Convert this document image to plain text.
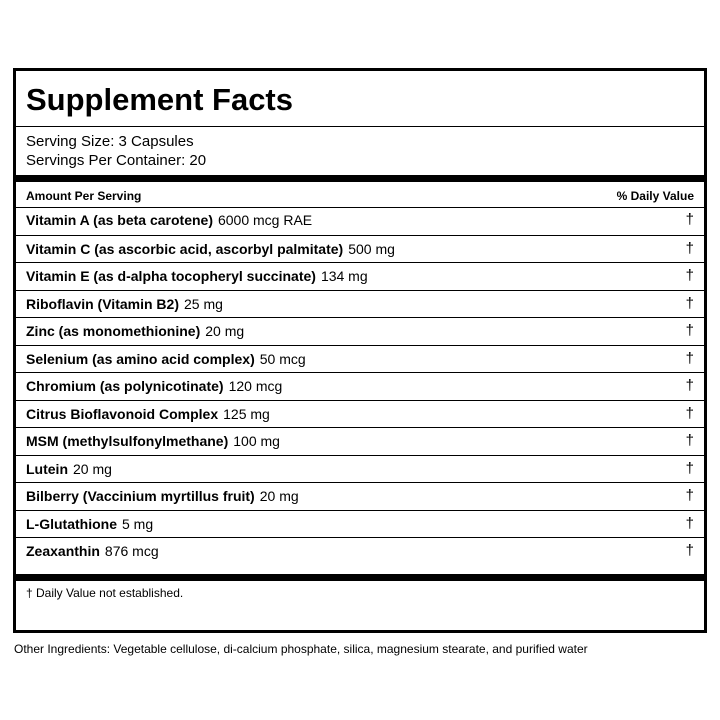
Supplement Facts
Serving Size: 3 Capsules
Servings Per Container: 20
Amount Per Serving	% Daily Value
Vitamin A (as beta carotene) 6000 mcg RAE	†
Vitamin C (as ascorbic acid, ascorbyl palmitate) 500 mg	†
Vitamin E (as d-alpha tocopheryl succinate) 134 mg	†
Riboflavin (Vitamin B2) 25 mg	†
Zinc (as monomethionine) 20 mg	†
Selenium (as amino acid complex) 50 mcg	†
Chromium (as polynicotinate) 120 mcg	†
Citrus Bioflavonoid Complex 125 mg	†
MSM (methylsulfonylmethane) 100 mg	†
Lutein 20 mg	†
Bilberry (Vaccinium myrtillus fruit) 20 mg	†
L-Glutathione 5 mg	†
Zeaxanthin 876 mcg	†
† Daily Value not established.
Other Ingredients: Vegetable cellulose, di-calcium phosphate, silica, magnesium stearate, and purified water
